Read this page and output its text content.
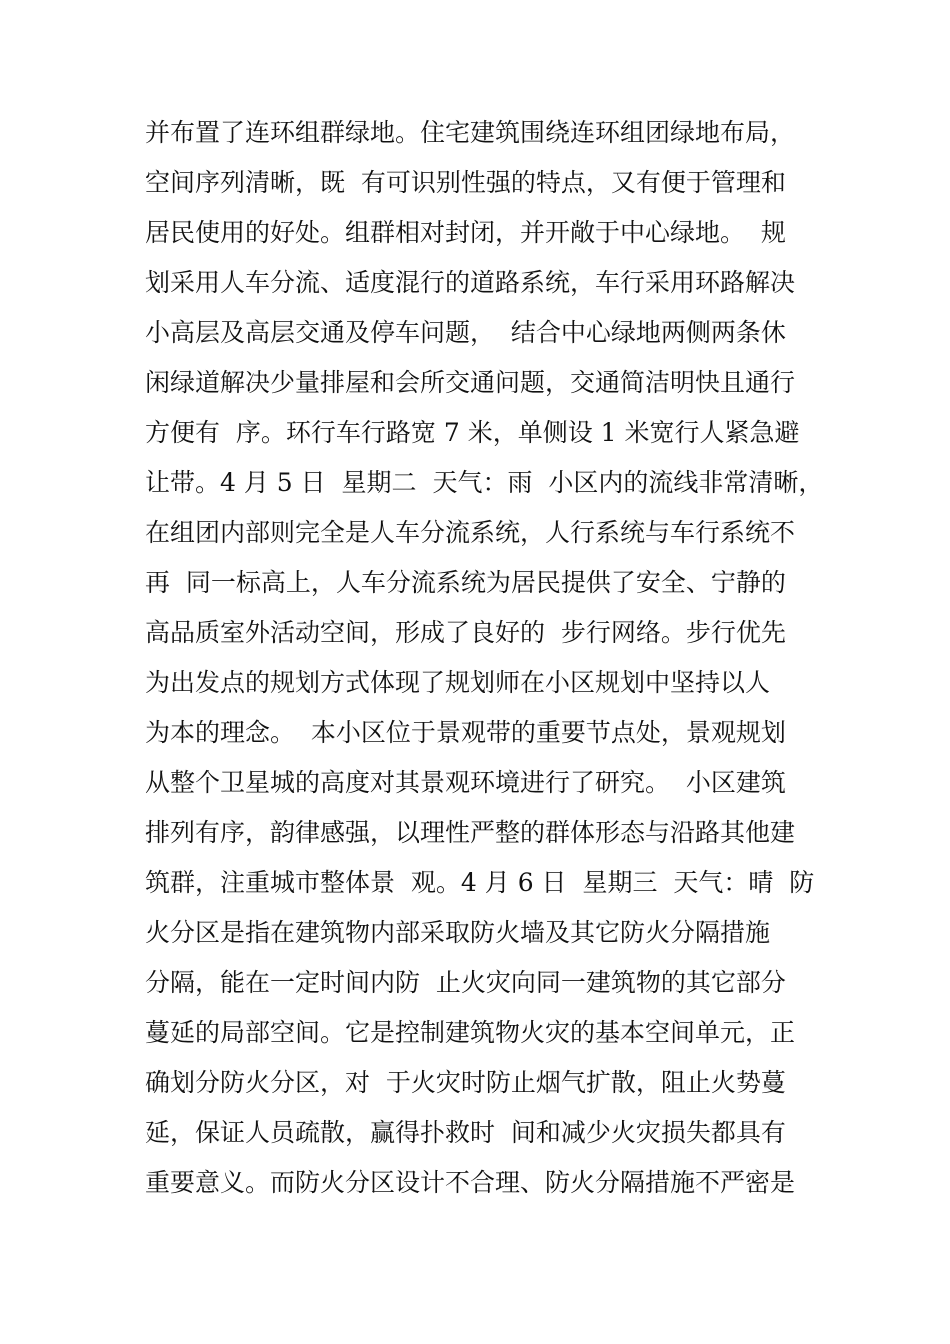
并布置了连环组群绿地。住宅建筑围绕连环组团绿地布局，
空间序列清晰，既  有可识别性强的特点，又有便于管理和
居民使用的好处。组群相对封闭，并开敞于中心绿地。  规
划采用人车分流、适度混行的道路系统，车行采用环路解决
小高层及高层交通及停车问题，  结合中心绿地两侧两条休
闲绿道解决少量排屋和会所交通问题，交通简洁明快且通行
方便有  序。环行车行路宽 7 米，单侧设 1 米宽行人紧急避
让带。4 月 5 日  星期二  天气：雨  小区内的流线非常清晰，
在组团内部则完全是人车分流系统，人行系统与车行系统不
再  同一标高上，人车分流系统为居民提供了安全、宁静的
高品质室外活动空间，形成了良好的  步行网络。步行优先
为出发点的规划方式体现了规划师在小区规划中坚持以人
为本的理念。  本小区位于景观带的重要节点处，景观规划
从整个卫星城的高度对其景观环境进行了研究。  小区建筑
排列有序，韵律感强，以理性严整的群体形态与沿路其他建
筑群，注重城市整体景  观。4 月 6 日  星期三  天气：晴  防
火分区是指在建筑物内部采取防火墙及其它防火分隔措施
分隔，能在一定时间内防  止火灾向同一建筑物的其它部分
蔓延的局部空间。它是控制建筑物火灾的基本空间单元，正
确划分防火分区，对  于火灾时防止烟气扩散，阻止火势蔓
延，保证人员疏散，赢得扑救时  间和减少火灾损失都具有
重要意义。而防火分区设计不合理、防火分隔措施不严密是
